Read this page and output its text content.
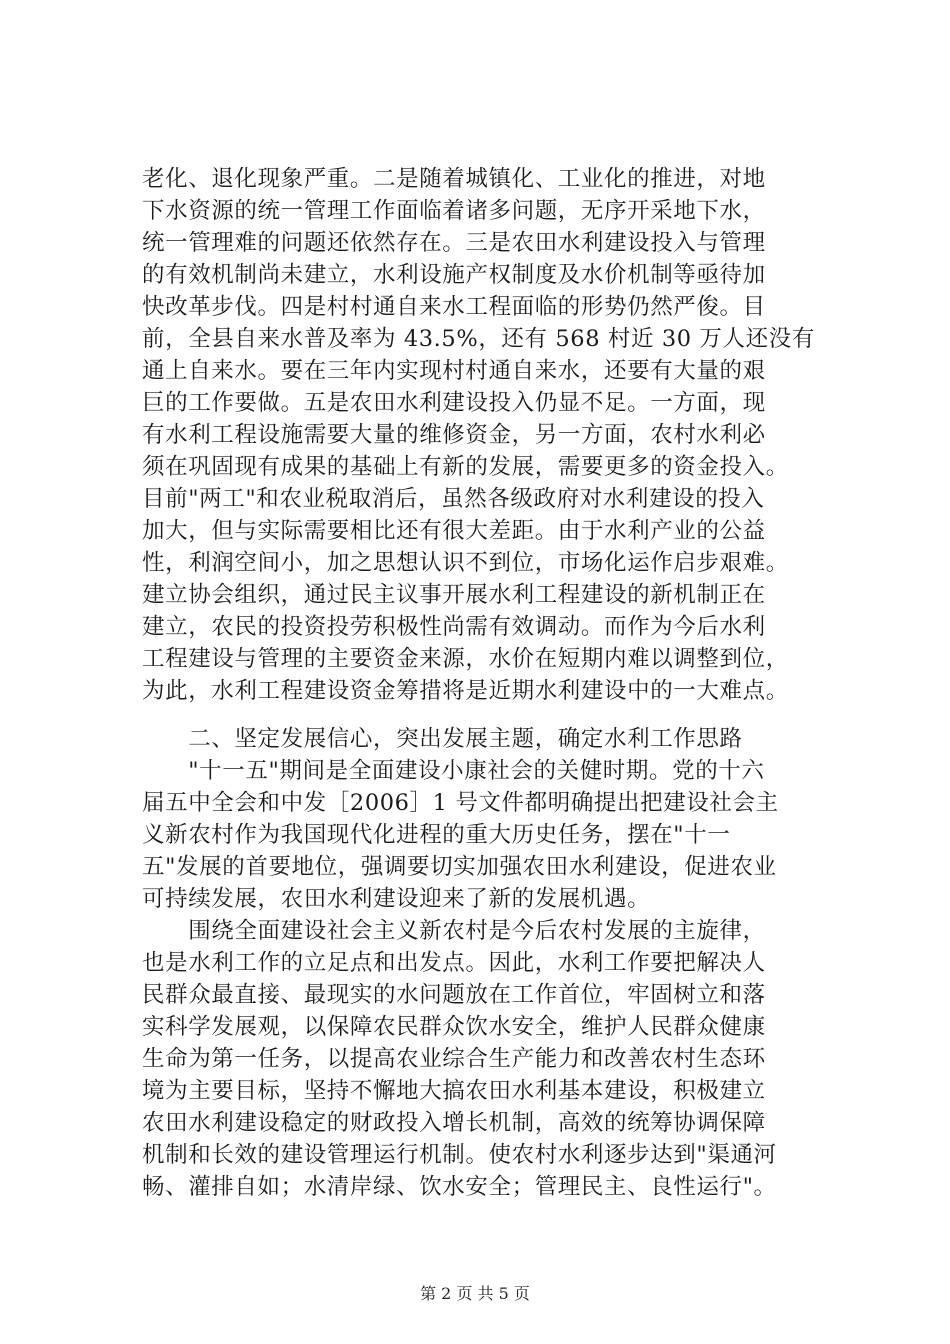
老化、退化现象严重。二是随着城镇化、工业化的推进，对地
下水资源的统一管理工作面临着诸多问题，无序开采地下水，
统一管理难的问题还依然存在。三是农田水利建设投入与管理
的有效机制尚未建立，水利设施产权制度及水价机制等亟待加
快改革步伐。四是村村通自来水工程面临的形势仍然严俊。目
前，全县自来水普及率为 43.5%，还有 568 村近 30 万人还没有
通上自来水。要在三年内实现村村通自来水，还要有大量的艰
巨的工作要做。五是农田水利建设投入仍显不足。一方面，现
有水利工程设施需要大量的维修资金，另一方面，农村水利必
须在巩固现有成果的基础上有新的发展，需要更多的资金投入。
目前"两工"和农业税取消后，虽然各级政府对水利建设的投入
加大，但与实际需要相比还有很大差距。由于水利产业的公益
性，利润空间小，加之思想认识不到位，市场化运作启步艰难。
建立协会组织，通过民主议事开展水利工程建设的新机制正在
建立，农民的投资投劳积极性尚需有效调动。而作为今后水利
工程建设与管理的主要资金来源，水价在短期内难以调整到位，
为此，水利工程建设资金筹措将是近期水利建设中的一大难点。
　　二、坚定发展信心，突出发展主题，确定水利工作思路
　　"十一五"期间是全面建设小康社会的关健时期。党的十六
届五中全会和中发［2006］1 号文件都明确提出把建设社会主
义新农村作为我国现代化进程的重大历史任务，摆在"十一
五"发展的首要地位，强调要切实加强农田水利建设，促进农业
可持续发展，农田水利建设迎来了新的发展机遇。
　　围绕全面建设社会主义新农村是今后农村发展的主旋律，
也是水利工作的立足点和出发点。因此，水利工作要把解决人
民群众最直接、最现实的水问题放在工作首位，牢固树立和落
实科学发展观，以保障农民群众饮水安全，维护人民群众健康
生命为第一任务，以提高农业综合生产能力和改善农村生态环
境为主要目标，坚持不懈地大搞农田水利基本建设，积极建立
农田水利建设稳定的财政投入增长机制，高效的统筹协调保障
机制和长效的建设管理运行机制。使农村水利逐步达到"渠通河
第 2 页 共 5 页
畅、灌排自如；水清岸绿、饮水安全；管理民主、良性运行"。
